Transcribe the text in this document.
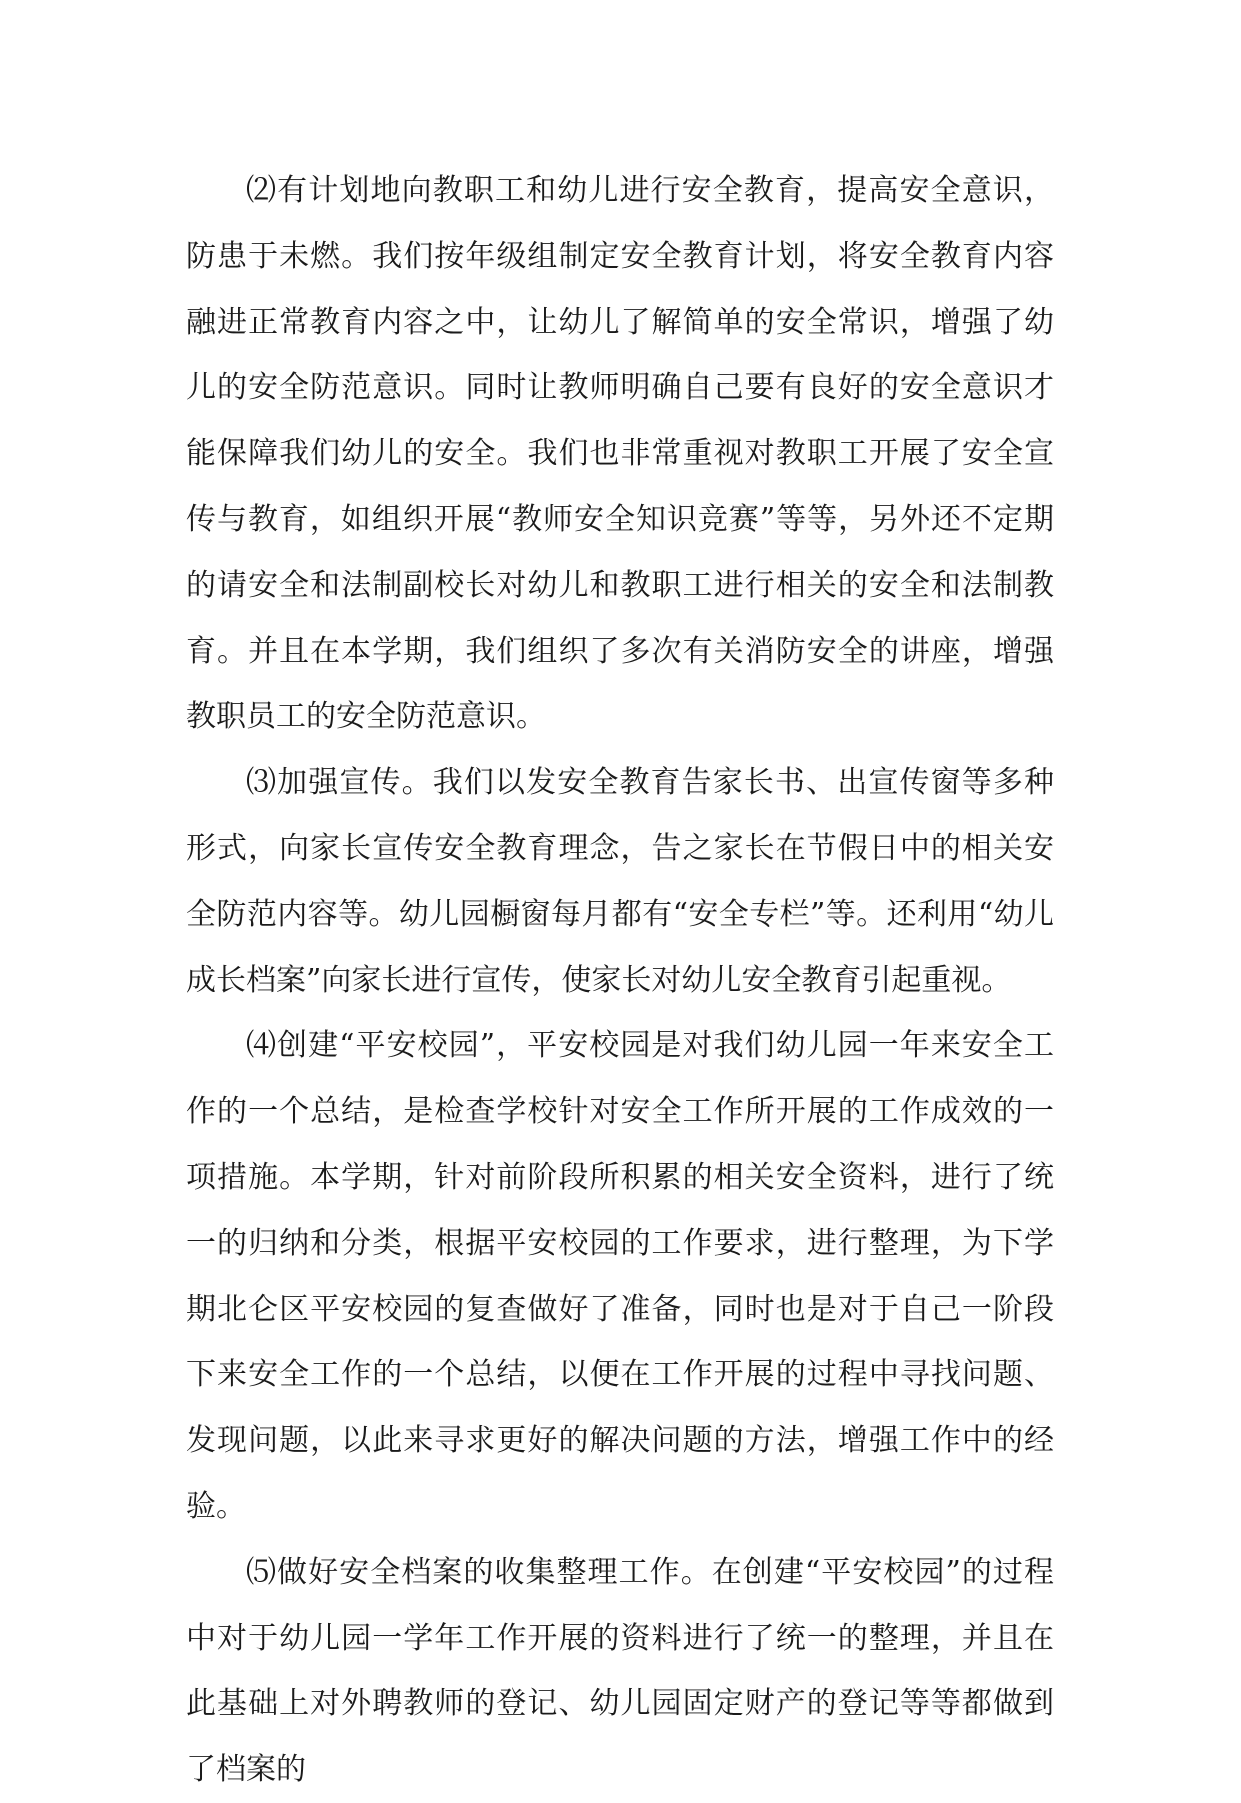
⑵有计划地向教职工和幼儿进行安全教育，提高安全意识，防患于未燃。我们按年级组制定安全教育计划，将安全教育内容融进正常教育内容之中，让幼儿了解简单的安全常识，增强了幼儿的安全防范意识。同时让教师明确自己要有良好的安全意识才能保障我们幼儿的安全。我们也非常重视对教职工开展了安全宣传与教育，如组织开展“教师安全知识竞赛”等等，另外还不定期的请安全和法制副校长对幼儿和教职工进行相关的安全和法制教育。并且在本学期，我们组织了多次有关消防安全的讲座，增强教职员工的安全防范意识。

⑶加强宣传。我们以发安全教育告家长书、出宣传窗等多种形式，向家长宣传安全教育理念，告之家长在节假日中的相关安全防范内容等。幼儿园橱窗每月都有“安全专栏”等。还利用“幼儿成长档案”向家长进行宣传，使家长对幼儿安全教育引起重视。

⑷创建“平安校园”，平安校园是对我们幼儿园一年来安全工作的一个总结，是检查学校针对安全工作所开展的工作成效的一项措施。本学期，针对前阶段所积累的相关安全资料，进行了统一的归纳和分类，根据平安校园的工作要求，进行整理，为下学期北仑区平安校园的复查做好了准备，同时也是对于自己一阶段下来安全工作的一个总结，以便在工作开展的过程中寻找问题、发现问题，以此来寻求更好的解决问题的方法，增强工作中的经验。

⑸做好安全档案的收集整理工作。在创建“平安校园”的过程中对于幼儿园一学年工作开展的资料进行了统一的整理，并且在此基础上对外聘教师的登记、幼儿园固定财产的登记等等都做到了档案的
